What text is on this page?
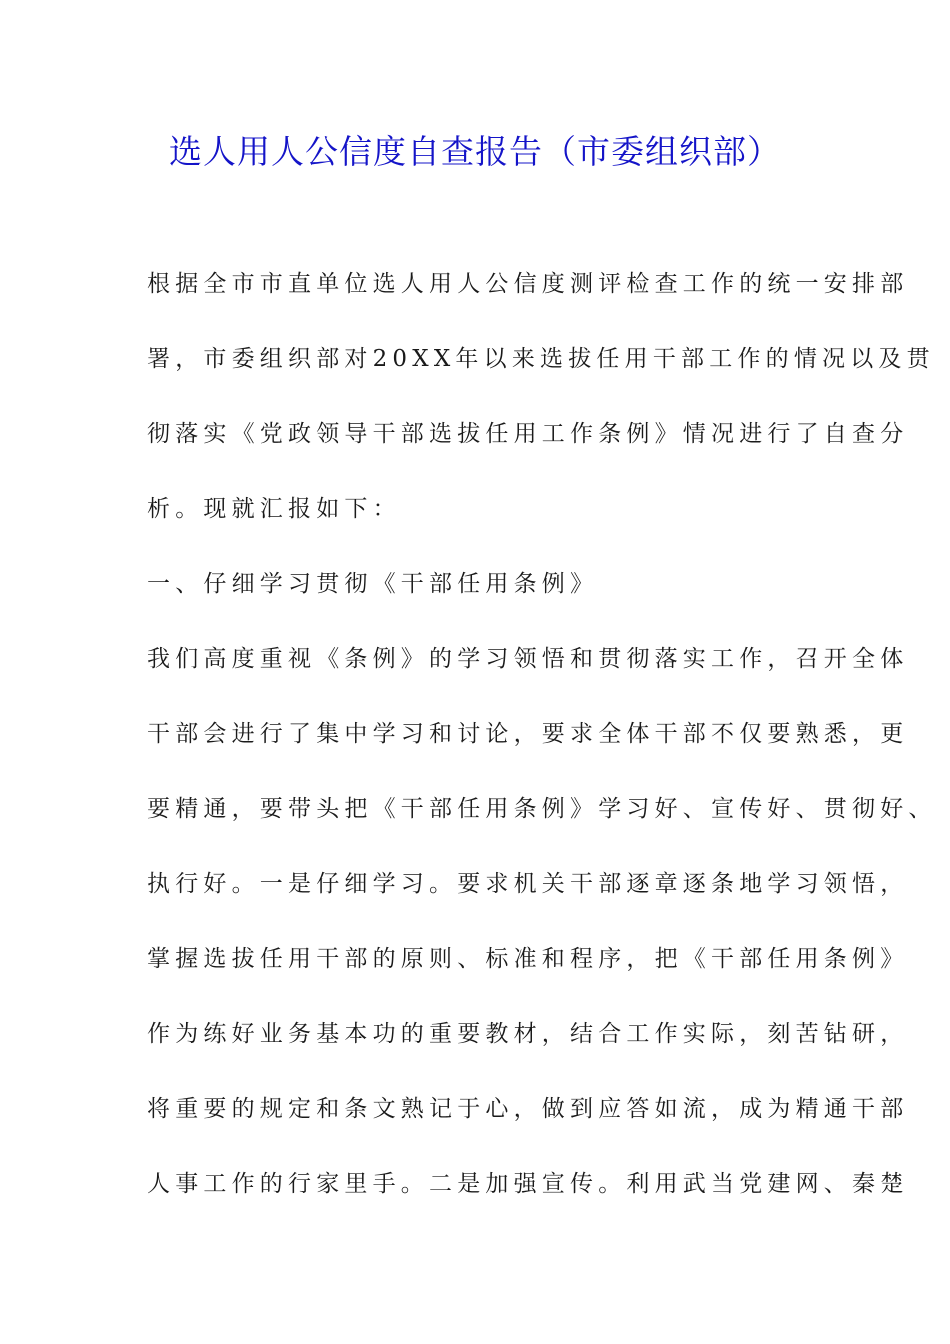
选人用人公信度自查报告（市委组织部）
根据全市市直单位选人用人公信度测评检查工作的统一安排部
署，市委组织部对20XX年以来选拔任用干部工作的情况以及贯
彻落实《党政领导干部选拔任用工作条例》情况进行了自查分
析。现就汇报如下：
一、仔细学习贯彻《干部任用条例》
我们高度重视《条例》的学习领悟和贯彻落实工作，召开全体
干部会进行了集中学习和讨论，要求全体干部不仅要熟悉，更
要精通，要带头把《干部任用条例》学习好、宣传好、贯彻好、
执行好。一是仔细学习。要求机关干部逐章逐条地学习领悟，
掌握选拔任用干部的原则、标准和程序，把《干部任用条例》
作为练好业务基本功的重要教材，结合工作实际，刻苦钻研，
将重要的规定和条文熟记于心，做到应答如流，成为精通干部
人事工作的行家里手。二是加强宣传。利用武当党建网、秦楚
